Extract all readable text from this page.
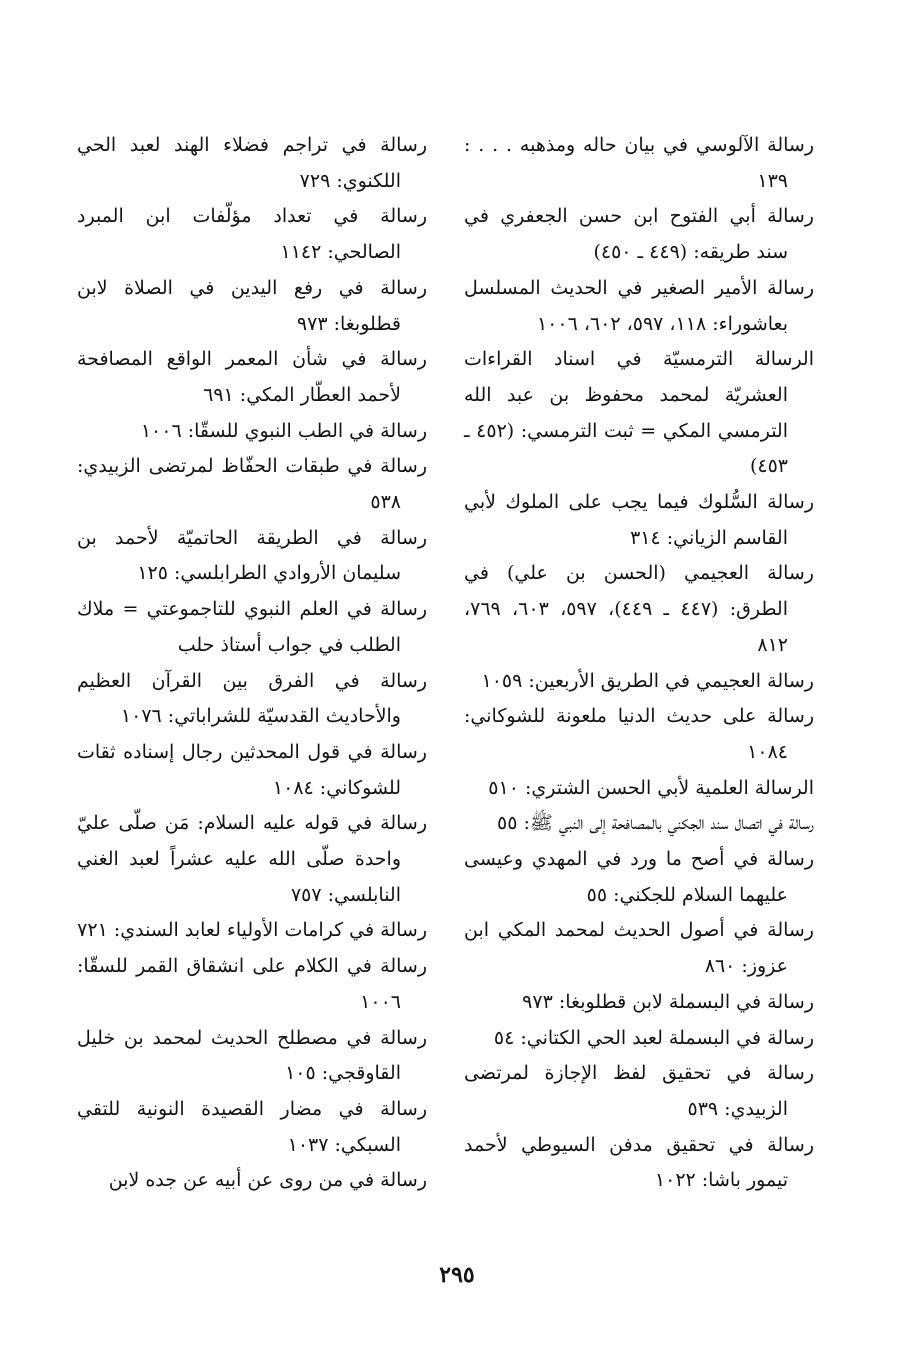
رسالة الآلوسي في بيان حاله ومذهبه . . . : ١٣٩

رسالة أبي الفتوح ابن حسن الجعفري في سند طريقه: (٤٤٩ ـ ٤٥٠)

رسالة الأمير الصغير في الحديث المسلسل بعاشوراء: ١١٨، ٥٩٧، ٦٠٢، ١٠٠٦

الرسالة الترمسيّة في اسناد القراءات العشريّة لمحمد محفوظ بن عبد الله الترمسي المكي = ثبت الترمسي: (٤٥٢ ـ ٤٥٣)

رسالة السُّلوك فيما يجب على الملوك لأبي القاسم الزياني: ٣١٤

رسالة العجيمي (الحسن بن علي) في الطرق: (٤٤٧ ـ ٤٤٩)، ٥٩٧، ٦٠٣، ٧٦٩، ٨١٢

رسالة العجيمي في الطريق الأربعين: ١٠٥٩

رسالة على حديث الدنيا ملعونة للشوكاني: ١٠٨٤

الرسالة العلمية لأبي الحسن الشتري: ٥١٠

رسالة في اتصال سند الجكني بالمصافحة إلى النبي ﷺ: ٥٥

رسالة في أصح ما ورد في المهدي وعيسى عليهما السلام للجكني: ٥٥

رسالة في أصول الحديث لمحمد المكي ابن عزوز: ٨٦٠

رسالة في البسملة لابن قطلوبغا: ٩٧٣

رسالة في البسملة لعبد الحي الكتاني: ٥٤

رسالة في تحقيق لفظ الإجازة لمرتضى الزبيدي: ٥٣٩

رسالة في تحقيق مدفن السيوطي لأحمد تيمور باشا: ١٠٢٢

رسالة في تراجم فضلاء الهند لعبد الحي اللكنوي: ٧٢٩

رسالة في تعداد مؤلّفات ابن المبرد الصالحي: ١١٤٢

رسالة في رفع اليدين في الصلاة لابن قطلوبغا: ٩٧٣

رسالة في شأن المعمر الواقع المصافحة لأحمد العطّار المكي: ٦٩١

رسالة في الطب النبوي للسقّا: ١٠٠٦

رسالة في طبقات الحفّاظ لمرتضى الزبيدي: ٥٣٨

رسالة في الطريقة الحاتميّة لأحمد بن سليمان الأروادي الطرابلسي: ١٢٥

رسالة في العلم النبوي للتاجموعتي = ملاك الطلب في جواب أستاذ حلب

رسالة في الفرق بين القرآن العظيم والأحاديث القدسيّة للشراباتي: ١٠٧٦

رسالة في قول المحدثين رجال إسناده ثقات للشوكاني: ١٠٨٤

رسالة في قوله عليه السلام: مَن صلّى عليّ واحدة صلّى الله عليه عشراً لعبد الغني النابلسي: ٧٥٧

رسالة في كرامات الأولياء لعابد السندي: ٧٢١

رسالة في الكلام على انشقاق القمر للسقّا: ١٠٠٦

رسالة في مصطلح الحديث لمحمد بن خليل القاوقجي: ١٠٥

رسالة في مضار القصيدة النونية للتقي السبكي: ١٠٣٧

رسالة في من روى عن أبيه عن جده لابن

٢٩٥
